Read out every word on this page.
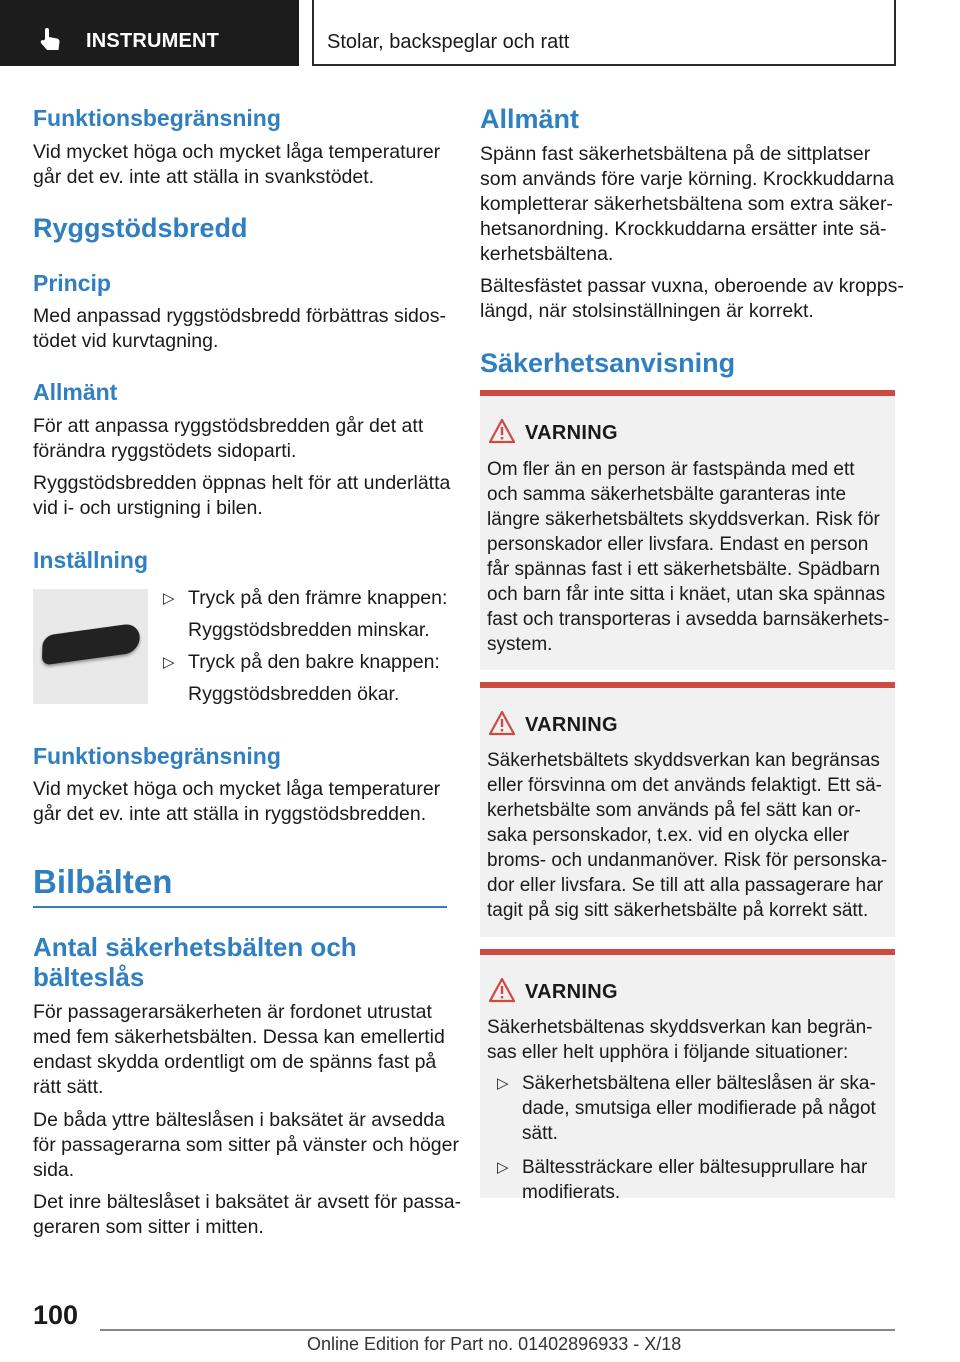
INSTRUMENT	Stolar, backspeglar och ratt
Funktionsbegränsning
Vid mycket höga och mycket låga temperaturer
går det ev. inte att ställa in svankstödet.
Ryggstödsbredd
Princip
Med anpassad ryggstödsbredd förbättras sidos-
tödet vid kurvtagning.
Allmänt
För att anpassa ryggstödsbredden går det att
förändra ryggstödets sidoparti.
Ryggstödsbredden öppnas helt för att underlätta
vid i- och urstigning i bilen.
Inställning
▷ Tryck på den främre knappen:
Ryggstödsbredden minskar.
▷ Tryck på den bakre knappen:
Ryggstödsbredden ökar.
Funktionsbegränsning
Vid mycket höga och mycket låga temperaturer
går det ev. inte att ställa in ryggstödsbredden.
Bilbälten
Antal säkerhetsbälten och
bälteslås
För passagerarsäkerheten är fordonet utrustat
med fem säkerhetsbälten. Dessa kan emellertid
endast skydda ordentligt om de spänns fast på
rätt sätt.
De båda yttre bälteslåsen i baksätet är avsedda
för passagerarna som sitter på vänster och höger
sida.
Det inre bälteslåset i baksätet är avsett för passa-
geraren som sitter i mitten.
Allmänt
Spänn fast säkerhetsbältena på de sittplatser
som används före varje körning. Krockkuddarna
kompletterar säkerhetsbältena som extra säker-
hetsanordning. Krockkuddarna ersätter inte sä-
kerhetsbältena.
Bältesfästet passar vuxna, oberoende av kropps-
längd, när stolsinställningen är korrekt.
Säkerhetsanvisning
VARNING
Om fler än en person är fastspända med ett
och samma säkerhetsbälte garanteras inte
längre säkerhetsbältets skyddsverkan. Risk för
personskador eller livsfara. Endast en person
får spännas fast i ett säkerhetsbälte. Spädbarn
och barn får inte sitta i knäet, utan ska spännas
fast och transporteras i avsedda barnsäkerhets-
system.
VARNING
Säkerhetsbältets skyddsverkan kan begränsas
eller försvinna om det används felaktigt. Ett sä-
kerhetsbälte som används på fel sätt kan or-
saka personskador, t.ex. vid en olycka eller
broms- och undanmanöver. Risk för personska-
dor eller livsfara. Se till att alla passagerare har
tagit på sig sitt säkerhetsbälte på korrekt sätt.
VARNING
Säkerhetsbältenas skyddsverkan kan begrän-
sas eller helt upphöra i följande situationer:
▷ Säkerhetsbältena eller bälteslåsen är ska-
dade, smutsiga eller modifierade på något
sätt.
▷ Bältessträckare eller bältesupprullare har
modifierats.
100
Online Edition for Part no. 01402896933 - X/18
